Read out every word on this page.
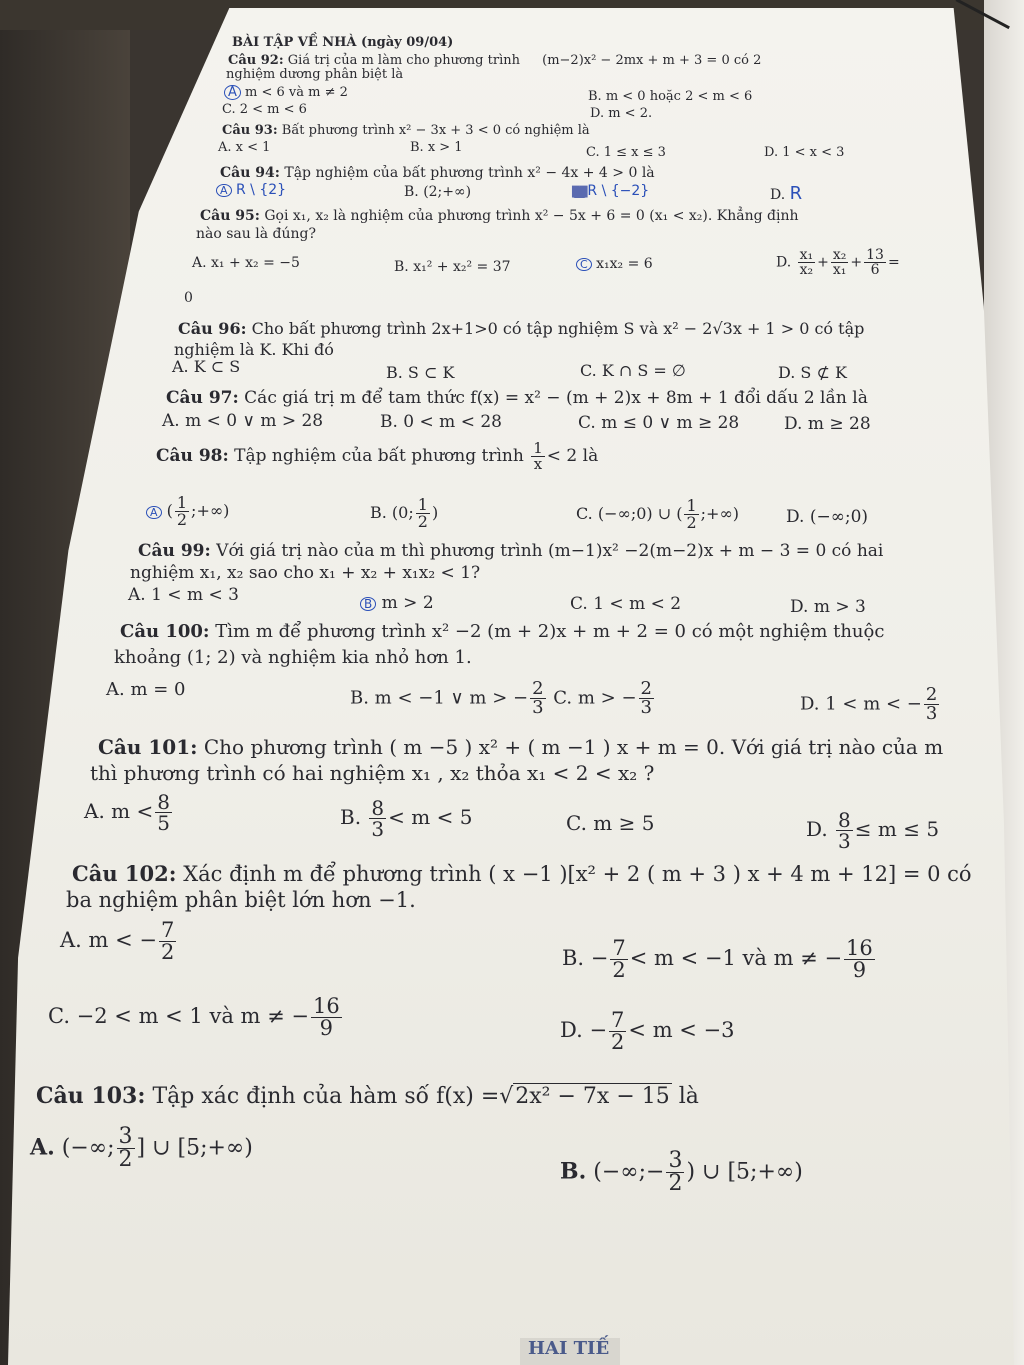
BÀI TẬP VỀ NHÀ (ngày 09/04)
Câu 92: Giá trị của m làm cho phương trình (m−2)x² − 2mx + m + 3 = 0 có 2
nghiệm dương phân biệt là
A m < 6 và m ≠ 2	B. m < 0 hoặc 2 < m < 6
C. 2 < m < 6	D. m < 2.
Câu 93: Bất phương trình x² − 3x + 3 < 0 có nghiệm là
A. x < 1	B. x > 1	C. 1 ≤ x ≤ 3	D. 1 < x < 3
Câu 94: Tập nghiệm của bất phương trình x² − 4x + 4 > 0 là
A R \ {2}	B. (2;+∞)	██R \ {−2}	D. R
Câu 95: Gọi x₁, x₂ là nghiệm của phương trình x² − 5x + 6 = 0 (x₁ < x₂). Khẳng định
nào sau là đúng?
A. x₁ + x₂ = −5	B. x₁² + x₂² = 37	C x₁x₂ = 6	D. $\frac{\text{x₁}}{\text{x₂}} + \frac{\text{x₂}}{\text{x₁}} + \frac{13}{6}$ =
0
Câu 96: Cho bất phương trình 2x+1>0 có tập nghiệm S và x² − 2√3x + 1 > 0 có tập
nghiệm là K. Khi đó
A. K ⊂ S	B. S ⊂ K	C. K ∩ S = ∅	D. S ⊄ K
Câu 97: Các giá trị m để tam thức f(x) = x² − (m + 2)x + 8m + 1 đổi dấu 2 lần là
A. m < 0 ∨ m > 28	B. 0 < m < 28	C. m ≤ 0 ∨ m ≥ 28	D. m ≥ 28
Câu 98: Tập nghiệm của bất phương trình $\frac{1}{x} < 2$ là
A ( $\frac{1}{2}$ ;+∞)	B. (0; $\frac{1}{2}$ )	C. (−∞;0) ∪ ( $\frac{1}{2}$ ;+∞)	D. (−∞;0)
Câu 99: Với giá trị nào của m thì phương trình (m−1)x² −2(m−2)x + m − 3 = 0 có hai
nghiệm x₁, x₂ sao cho x₁ + x₂ + x₁x₂ < 1?
A. 1 < m < 3	B m > 2	C. 1 < m < 2	D. m > 3
Câu 100: Tìm m để phương trình x² −2 (m + 2)x + m + 2 = 0 có một nghiệm thuộc
khoảng (1; 2) và nghiệm kia nhỏ hơn 1.
A. m = 0	B. m < −1 ∨ m > − $\frac{2}{3} C$. m > − $\frac{2}{3}$	D. 1 < m < − $\frac{2}{3}$
Câu 101: Cho phương trình ( m −5 ) x² + ( m −1 ) x + m = 0. Với giá trị nào của m
thì phương trình có hai nghiệm x₁ , x₂ thỏa x₁ < 2 < x₂ ?
A. $m < \frac{8}{5}$	B. $\frac{8}{3} < m < 5$	C. m ≥ 5	D. $\frac{8}{3} \le m \le 5$
Câu 102: Xác định m để phương trình ( x −1 )[x² + 2 ( m + 3 ) x + 4 m + 12] = 0 có
ba nghiệm phân biệt lớn hơn −1.
A. m < − $\frac{7}{2}$	B. − $\frac{7}{2} < m < -1$ và m ≠ − $\frac{16}{9}$
C. −2 < m < 1 và m ≠ − $\frac{16}{9}$	D. − $\frac{7}{2} < m < -3$
Câu 103: Tập xác định của hàm số f(x) =√2x² − 7x − 15 là
A. (−∞; $\frac{3}{2}$ ] ∪ [5;+∞)
B. (−∞;− $\frac{3}{2}$ ) ∪ [5;+∞)
HAI TIẾ
